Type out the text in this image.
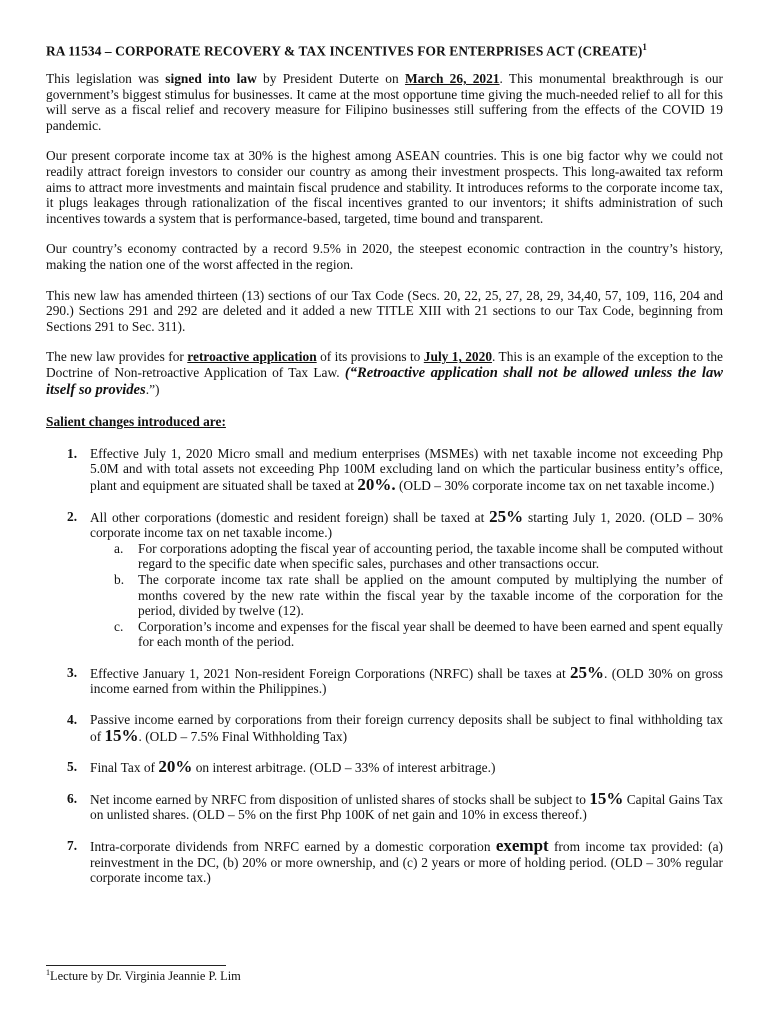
RA 11534 – CORPORATE RECOVERY & TAX INCENTIVES FOR ENTERPRISES ACT (CREATE)$^1$

This legislation was signed into law by President Duterte on March 26, 2021. This monumental breakthrough is our government’s biggest stimulus for businesses. It came at the most opportune time giving the much-needed relief to all for this will serve as a fiscal relief and recovery measure for Filipino businesses still suffering from the effects of the COVID 19 pandemic.

Our present corporate income tax at 30% is the highest among ASEAN countries. This is one big factor why we could not readily attract foreign investors to consider our country as among their investment prospects. This long-awaited tax reform aims to attract more investments and maintain fiscal prudence and stability. It introduces reforms to the corporate income tax, it plugs leakages through rationalization of the fiscal incentives granted to our inventors; it shifts administration of such incentives towards a system that is performance-based, targeted, time bound and transparent.

Our country’s economy contracted by a record 9.5% in 2020, the steepest economic contraction in the country’s history, making the nation one of the worst affected in the region.

This new law has amended thirteen (13) sections of our Tax Code (Secs. 20, 22, 25, 27, 28, 29, 34,40, 57, 109, 116, 204 and 290.) Sections 291 and 292 are deleted and it added a new TITLE XIII with 21 sections to our Tax Code, beginning from Sections 291 to Sec. 311).

The new law provides for retroactive application of its provisions to July 1, 2020. This is an example of the exception to the Doctrine of Non-retroactive Application of Tax Law. (“Retroactive application shall not be allowed unless the law itself so provides.”)

Salient changes introduced are:
1. Effective July 1, 2020 Micro small and medium enterprises (MSMEs) with net taxable income not exceeding Php 5.0M and with total assets not exceeding Php 100M excluding land on which the particular business entity’s office, plant and equipment are situated shall be taxed at 20%. (OLD – 30% corporate income tax on net taxable income.)
2. All other corporations (domestic and resident foreign) shall be taxed at 25% starting July 1, 2020. (OLD – 30% corporate income tax on net taxable income.)
a. For corporations adopting the fiscal year of accounting period, the taxable income shall be computed without regard to the specific date when specific sales, purchases and other transactions occur.
b. The corporate income tax rate shall be applied on the amount computed by multiplying the number of months covered by the new rate within the fiscal year by the taxable income of the corporation for the period, divided by twelve (12).
c. Corporation’s income and expenses for the fiscal year shall be deemed to have been earned and spent equally for each month of the period.
3. Effective January 1, 2021 Non-resident Foreign Corporations (NRFC) shall be taxes at 25%. (OLD 30% on gross income earned from within the Philippines.)
4. Passive income earned by corporations from their foreign currency deposits shall be subject to final withholding tax of 15%. (OLD – 7.5% Final Withholding Tax)
5. Final Tax of 20% on interest arbitrage. (OLD – 33% of interest arbitrage.)
6. Net income earned by NRFC from disposition of unlisted shares of stocks shall be subject to 15% Capital Gains Tax on unlisted shares. (OLD – 5% on the first Php 100K of net gain and 10% in excess thereof.)
7. Intra-corporate dividends from NRFC earned by a domestic corporation exempt from income tax provided: (a) reinvestment in the DC, (b) 20% or more ownership, and (c) 2 years or more of holding period. (OLD – 30% regular corporate income tax.)
$^1$Lecture by Dr. Virginia Jeannie P. Lim
